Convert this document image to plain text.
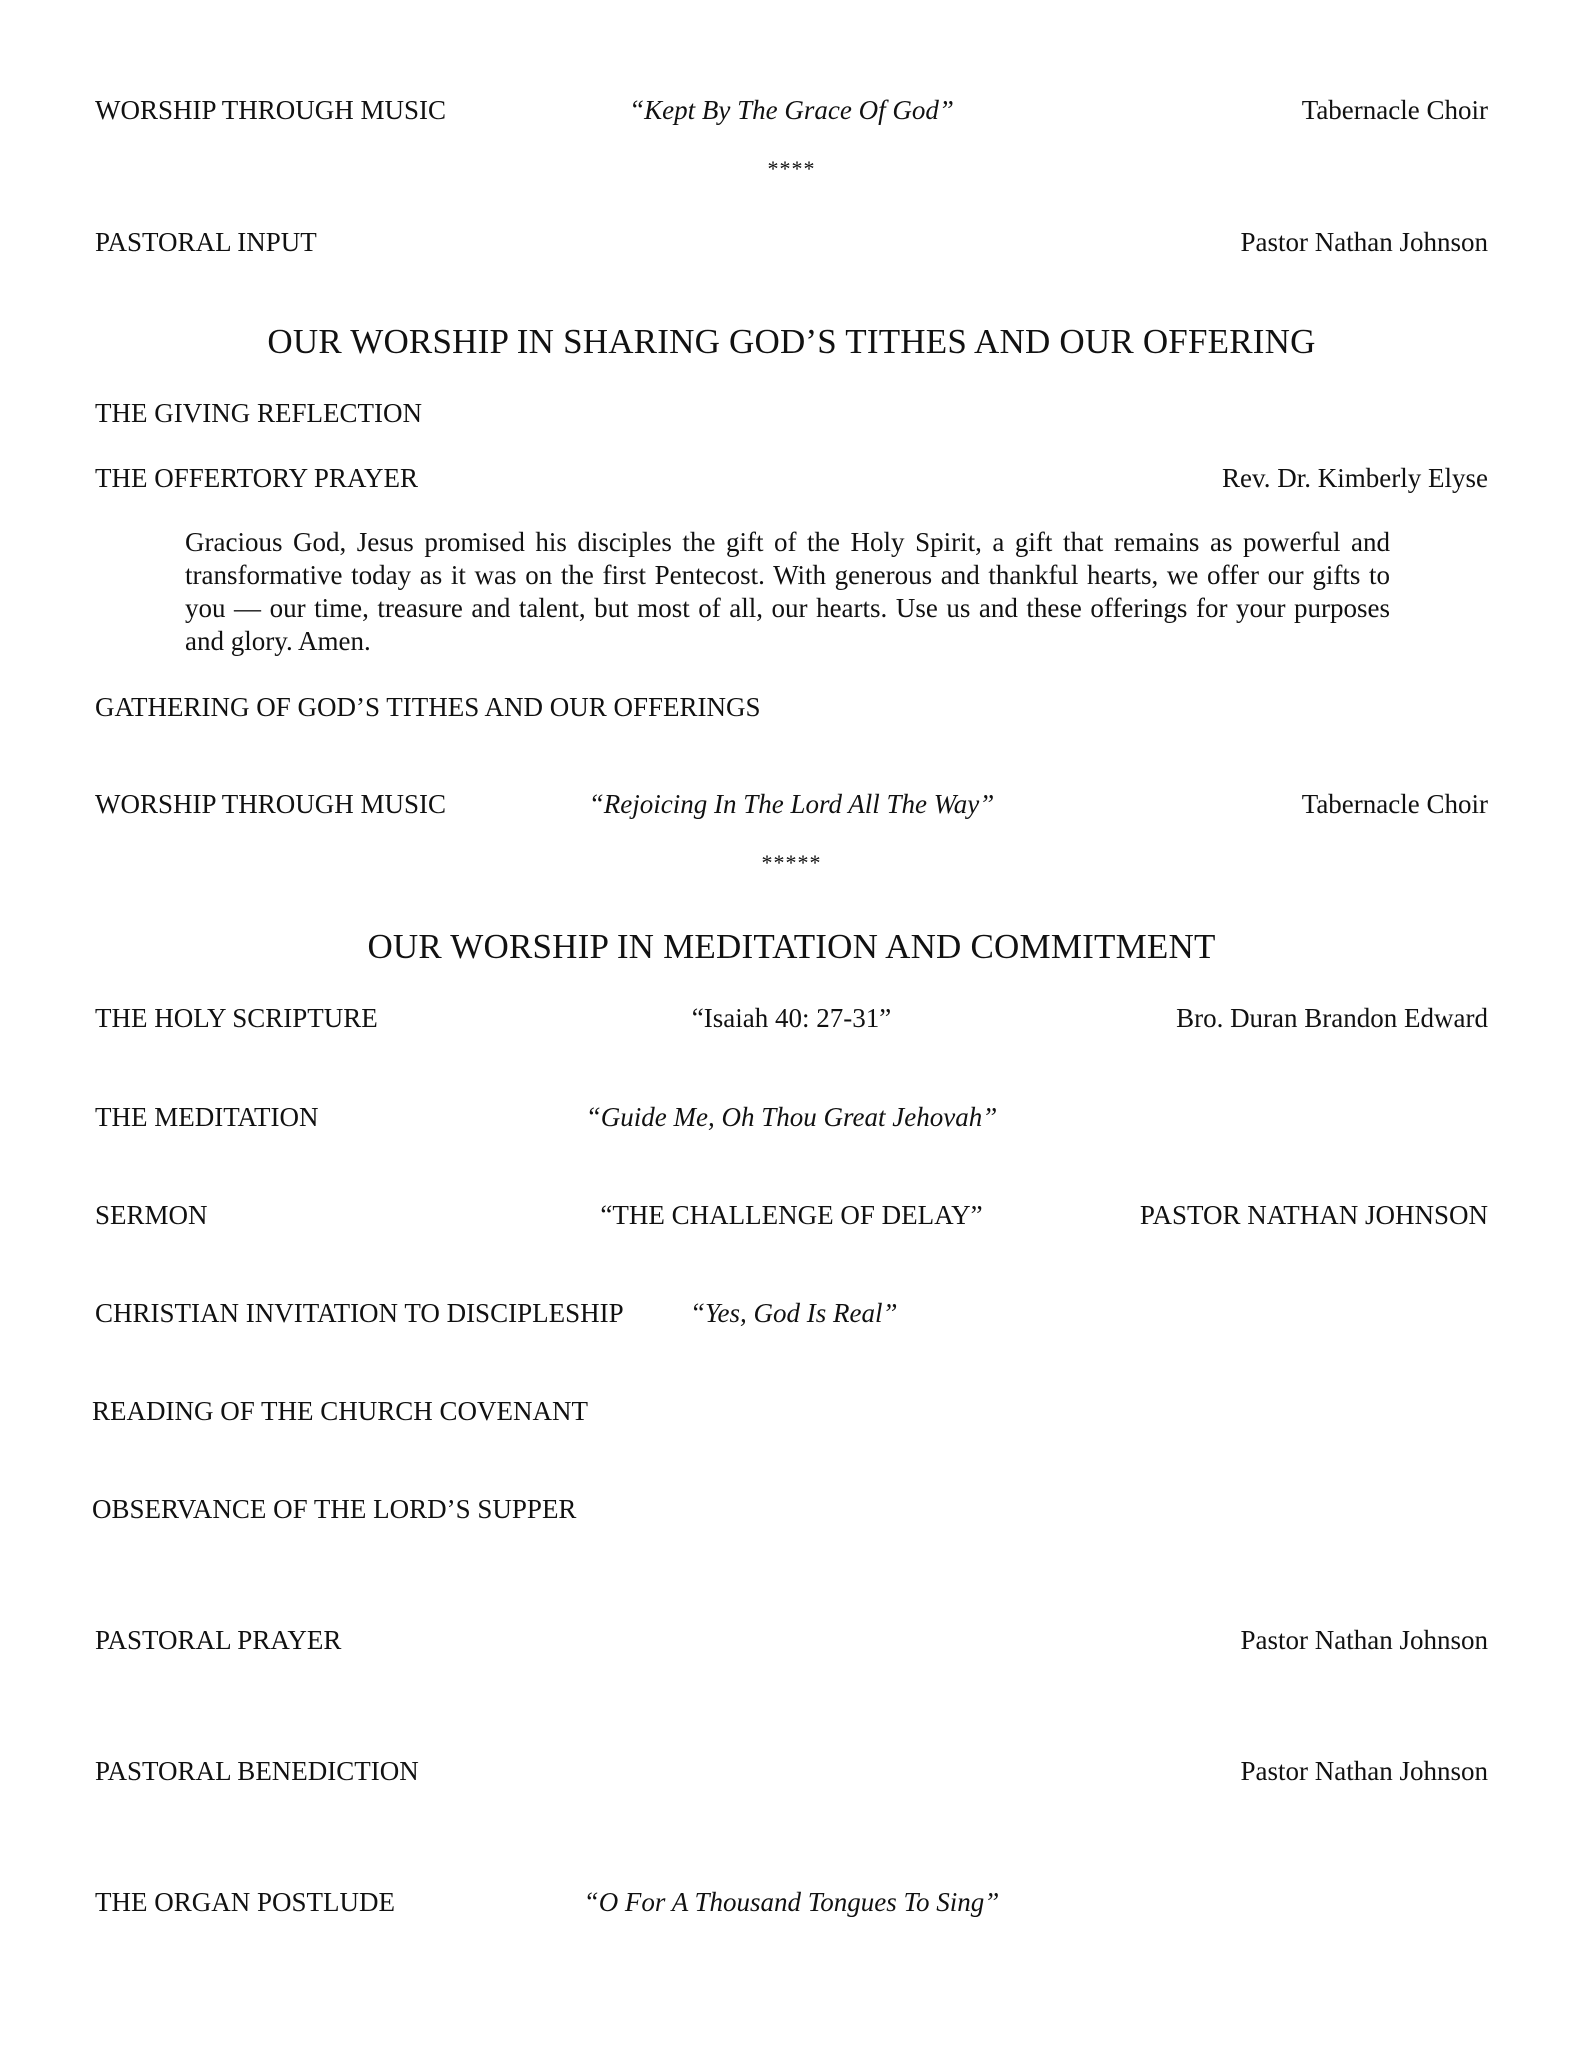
WORSHIP THROUGH MUSIC	“Kept By The Grace Of God”	Tabernacle Choir
****
PASTORAL INPUT	Pastor Nathan Johnson
OUR WORSHIP IN SHARING GOD’S TITHES AND OUR OFFERING
THE GIVING REFLECTION
THE OFFERTORY PRAYER	Rev. Dr. Kimberly Elyse
Gracious God, Jesus promised his disciples the gift of the Holy Spirit, a gift that remains as powerful and transformative today as it was on the first Pentecost. With generous and thankful hearts, we offer our gifts to you — our time, treasure and talent, but most of all, our hearts. Use us and these offerings for your purposes and glory. Amen.
GATHERING OF GOD’S TITHES AND OUR OFFERINGS
WORSHIP THROUGH MUSIC	“Rejoicing In The Lord All The Way”	Tabernacle Choir
*****
OUR WORSHIP IN MEDITATION AND COMMITMENT
THE HOLY SCRIPTURE	“Isaiah 40: 27-31”	Bro. Duran Brandon Edward
THE MEDITATION	“Guide Me, Oh Thou Great Jehovah”
SERMON	“THE CHALLENGE OF DELAY”	PASTOR NATHAN JOHNSON
CHRISTIAN INVITATION TO DISCIPLESHIP “Yes, God Is Real”
READING OF THE CHURCH COVENANT
OBSERVANCE OF THE LORD’S SUPPER
PASTORAL PRAYER	Pastor Nathan Johnson
PASTORAL BENEDICTION	Pastor Nathan Johnson
THE ORGAN POSTLUDE	“O For A Thousand Tongues To Sing”
